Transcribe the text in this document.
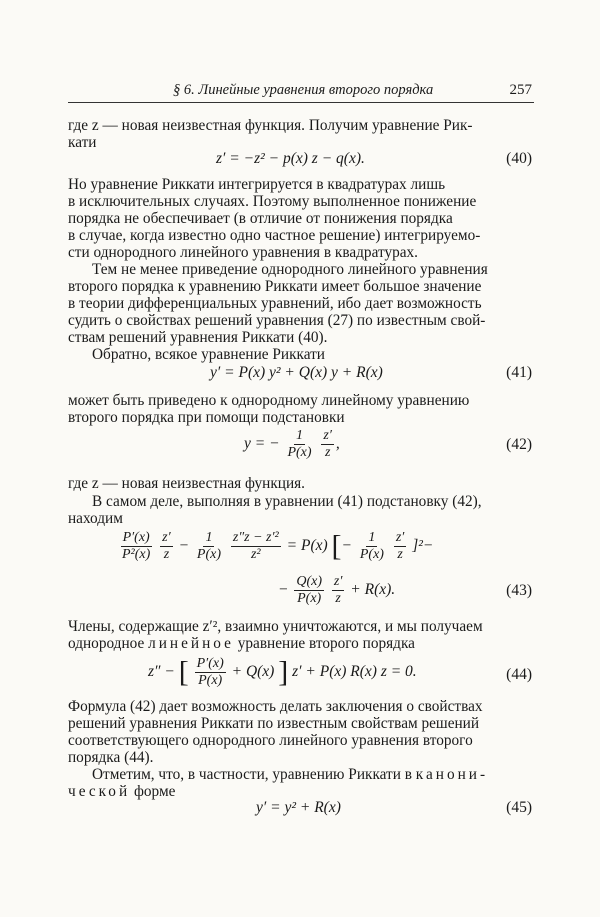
§ 6. Линейные уравнения второго порядка	257
где z — новая неизвестная функция. Получим уравнение Рик-
кати
z′ = −z² − p(x) z − q(x).	(40)
Но уравнение Риккати интегрируется в квадратурах лишь
в исключительных случаях. Поэтому выполненное понижение
порядка не обеспечивает (в отличие от понижения порядка
в случае, когда известно одно частное решение) интегрируемо-
сти однородного линейного уравнения в квадратурах.
Тем не менее приведение однородного линейного уравнения
второго порядка к уравнению Риккати имеет большое значение
в теории дифференциальных уравнений, ибо дает возможность
судить о свойствах решений уравнения (27) по известным свой-
ствам решений уравнения Риккати (40).
Обратно, всякое уравнение Риккати
y′ = P(x) y² + Q(x) y + R(x)	(41)
может быть приведено к однородному линейному уравнению
второго порядка при помощи подстановки
y = − $\frac{1}{P(x)}$
$\frac{z'}{z}$ ,	(42)
где z — новая неизвестная функция.
В самом деле, выполняя в уравнении (41) подстановку (42),
находим
$\frac{P'(x)}{\text{P²(x)}}$
$\frac{z'}{z} - \frac{1}{P(x)}$
$\frac{\text{z″z − z′²}}{\text{z²}} = P(x)$ [− $\frac{1}{P(x)}$
$\frac{z'}{z} ]^2-$
− $\frac{Q(x)}{P(x)}$
$\frac{z'}{z} + R(x)$.	(43)
Члены, содержащие z′², взаимно уничтожаются, и мы получаем
однородное линейное уравнение второго порядка
z″ − [ $\frac{P'(x)}{P(x)} + Q(x)$ ] z′ + P(x) R(x) z = 0.	(44)
Формула (42) дает возможность делать заключения о свойствах
решений уравнения Риккати по известным свойствам решений
соответствующего однородного линейного уравнения второго
порядка (44).
Отметим, что, в частности, уравнению Риккати в канони-
ческой форме
y′ = y² + R(x)	(45)
